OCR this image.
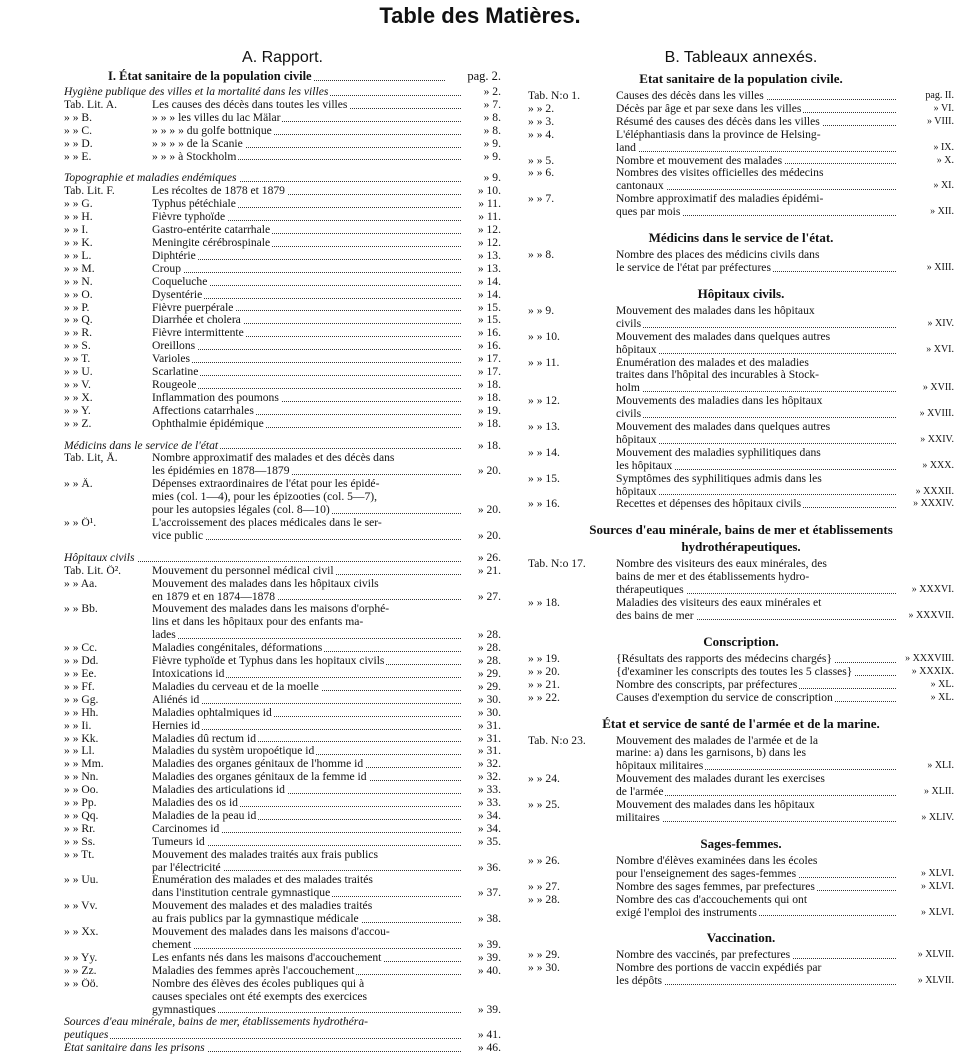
Table des Matières.
A. Rapport.
I. État sanitaire de la population civile	pag. 2.
Hygiène publique des villes et la mortalité dans les villes	» 2.
Tab. Lit. A.	Les causes des décès dans toutes les villes	» 7.
» » B.	» » » les villes du lac Mälar	» 8.
» » C.	» » » » du golfe bottnique	» 8.
» » D.	» » » » de la Scanie	» 9.
» » E.	» » » à Stockholm	» 9.
Topographie et maladies endémiques	» 9.
Tab. Lit. F.	Les récoltes de 1878 et 1879	» 10.
» » G.	Typhus pétéchiale	» 11.
» » H.	Fièvre typhoïde	» 11.
» » I.	Gastro-entérite catarrhale	» 12.
» » K.	Meningite cérébrospinale	» 12.
» » L.	Diphtérie	» 13.
» » M.	Croup	» 13.
» » N.	Coqueluche	» 14.
» » O.	Dysentérie	» 14.
» » P.	Fièvre puerpérale	» 15.
» » Q.	Diarrhée et cholera	» 15.
» » R.	Fièvre intermittente	» 16.
» » S.	Oreillons	» 16.
» » T.	Varioles	» 17.
» » U.	Scarlatine	» 17.
» » V.	Rougeole	» 18.
» » X.	Inflammation des poumons	» 18.
» » Y.	Affections catarrhales	» 19.
» » Z.	Ophthalmie épidémique	» 18.
Médicins dans le service de l'état	» 18.
Tab. Lit, Å.	Nombre approximatif des malades et des décès dans
les épidémies en 1878—1879	» 20.
» » Ä.	Dépenses extraordinaires de l'état pour les épidé-
mies (col. 1—4), pour les épizooties (col. 5—7),
pour les autopsies légales (col. 8—10)	» 20.
» » Ö¹.	L'accroissement des places médicales dans le ser-
vice public	» 20.
Hôpitaux civils	» 26.
Tab. Lit. Ö².	Mouvement du personnel médical civil	» 21.
» » Aa.	Mouvement des malades dans les hôpitaux civils
en 1879 et en 1874—1878	» 27.
» » Bb.	Mouvement des malades dans les maisons d'orphé-
lins et dans les hôpitaux pour des enfants ma-
lades	» 28.
» » Cc.	Maladies congénitales, déformations	» 28.
» » Dd.	Fièvre typhoïde et Typhus dans les hopitaux civils	» 28.
» » Ee.	Intoxications id	» 29.
» » Ff.	Maladies du cerveau et de la moelle	» 29.
» » Gg.	Aliénés id	» 30.
» » Hh.	Maladies ophtalmiques id	» 30.
» » Ii.	Hernies id	» 31.
» » Kk.	Maladies dû rectum id	» 31.
» » Ll.	Maladies du systèm uropoétique id	» 31.
» » Mm.	Maladies des organes génitaux de l'homme id	» 32.
» » Nn.	Maladies des organes génitaux de la femme id	» 32.
» » Oo.	Maladies des articulations id	» 33.
» » Pp.	Maladies des os id	» 33.
» » Qq.	Maladies de la peau id	» 34.
» » Rr.	Carcinomes id	» 34.
» » Ss.	Tumeurs id	» 35.
» » Tt.	Mouvement des malades traités aux frais publics
par l'électricité	» 36.
» » Uu.	Énumération des malades et des malades traités
dans l'institution centrale gymnastique	» 37.
» » Vv.	Mouvement des malades et des maladies traités
au frais publics par la gymnastique médicale	» 38.
» » Xx.	Mouvement des malades dans les maisons d'accou-
chement	» 39.
» » Yy.	Les enfants nés dans les maisons d'accouchement	» 39.
» » Zz.	Maladies des femmes après l'accouchement	» 40.
» » Öö.	Nombre des élèves des écoles publiques qui à
causes speciales ont été exempts des exercices
gymnastiques	» 39.
Sources d'eau minérale, bains de mer, établissements hydrothéra-
peutiques	» 41.
État sanitaire dans les prisons	» 46.
B. Tableaux annexés.
Etat sanitaire de la population civile.
Tab. N:o 1.	Causes des décès dans les villes	pag. II.
» » 2.	Décès par âge et par sexe dans les villes	» VI.
» » 3.	Résumé des causes des décès dans les villes	» VIII.
» » 4.	L'éléphantiasis dans la province de Helsing-
land	» IX.
» » 5.	Nombre et mouvement des malades	» X.
» » 6.	Nombres des visites officielles des médecins
cantonaux	» XI.
» » 7.	Nombre approximatif des maladies épidémi-
ques par mois	» XII.
Médicins dans le service de l'état.
» » 8.	Nombre des places des médicins civils dans
le service de l'état par préfectures	» XIII.
Hôpitaux civils.
» » 9.	Mouvement des malades dans les hôpitaux
civils	» XIV.
» » 10.	Mouvement des malades dans quelques autres
hôpitaux	» XVI.
» » 11.	Énumération des malades et des maladies
traites dans l'hôpital des incurables à Stock-
holm	» XVII.
» » 12.	Mouvements des maladies dans les hôpitaux
civils	» XVIII.
» » 13.	Mouvement des malades dans quelques autres
hôpitaux	» XXIV.
» » 14.	Mouvement des maladies syphilitiques dans
les hôpitaux	» XXX.
» » 15.	Symptômes des syphilitiques admis dans les
hôpitaux	» XXXII.
» » 16.	Recettes et dépenses des hôpitaux civils	» XXXIV.
Sources d'eau minérale, bains de mer et établissements hydrothérapeutiques.
Tab. N:o 17.	Nombre des visiteurs des eaux minérales, des
bains de mer et des établissements hydro-
thérapeutiques	» XXXVI.
» » 18.	Maladies des visiteurs des eaux minérales et
des bains de mer	» XXXVII.
Conscription.
» » 19.	{Résultats des rapports des médecins chargés}	» XXXVIII.
» » 20.	{d'examiner les conscripts des toutes les 5 classes}	» XXXIX.
» » 21.	Nombre des conscripts, par préfectures	» XL.
» » 22.	Causes d'exemption du service de conscription	» XL.
État et service de santé de l'armée et de la marine.
Tab. N:o 23.	Mouvement des malades de l'armée et de la
marine: a) dans les garnisons, b) dans les
hôpitaux militaires	» XLI.
» » 24.	Mouvement des malades durant les exercises
de l'armée	» XLII.
» » 25.	Mouvement des malades dans les hôpitaux
militaires	» XLIV.
Sages-femmes.
» » 26.	Nombre d'élèves examinées dans les écoles
pour l'enseignement des sages-femmes	» XLVI.
» » 27.	Nombre des sages femmes, par prefectures	» XLVI.
» » 28.	Nombre des cas d'accouchements qui ont
exigé l'emploi des instruments	» XLVI.
Vaccination.
» » 29.	Nombre des vaccinés, par prefectures	» XLVII.
» » 30.	Nombre des portions de vaccin expédiés par
les dépôts	» XLVII.
